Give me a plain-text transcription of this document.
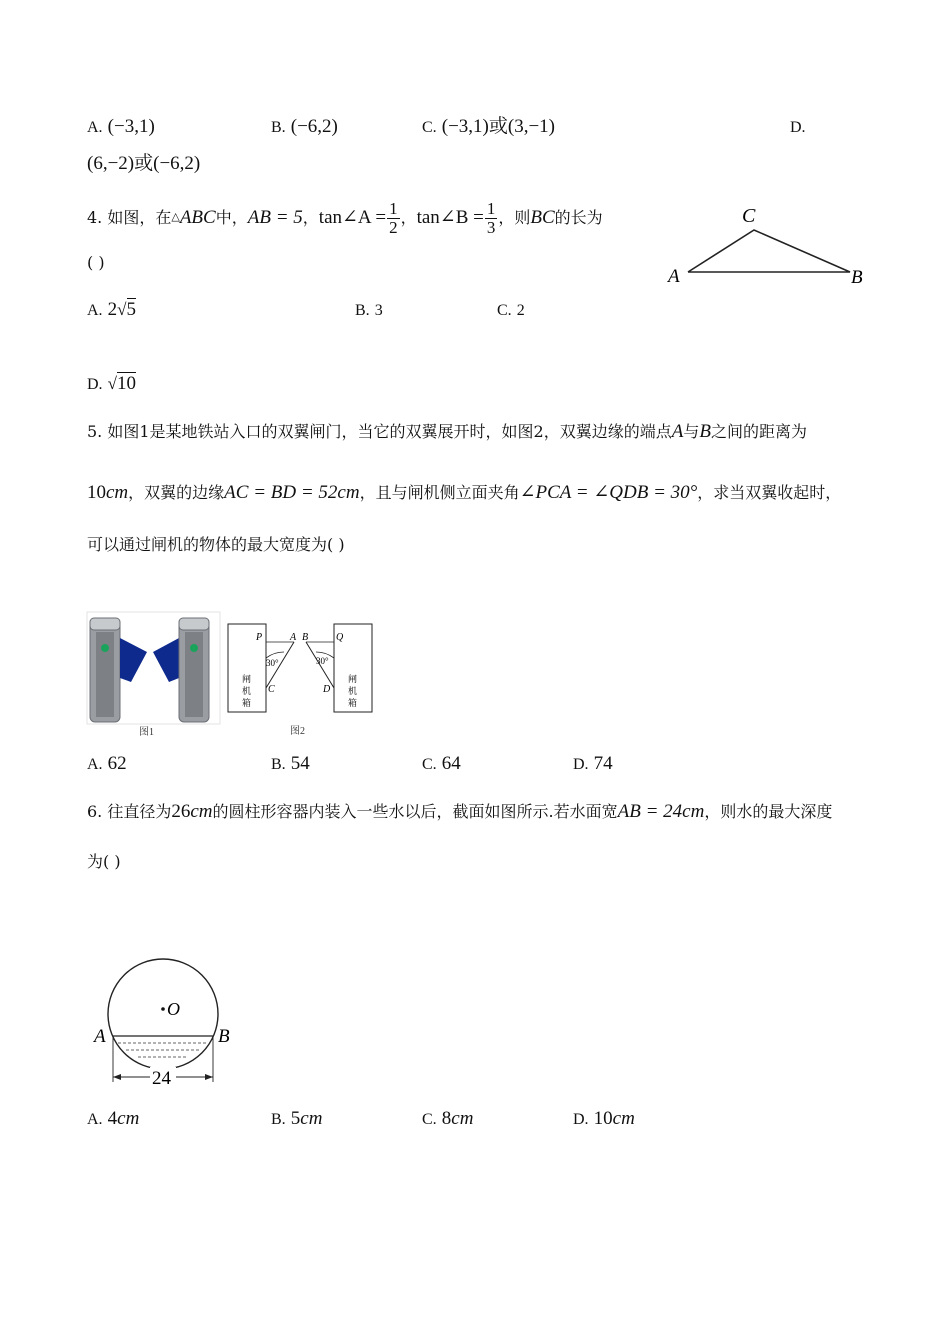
A. (−3,1)	B. (−6,2)	C. (−3,1)或(3,−1)	D.
(6,−2)或(−6,2)
4. 如图，在△ABC中，AB = 5，tan∠A = $\frac{1}{2}$ ，tan∠B = $\frac{1}{3}$ ，则BC的长为
( )
C
A	B
A. 2√5	B. 3	C. 2
D. √10
5. 如图1是某地铁站入口的双翼闸门，当它的双翼展开时，如图2，双翼边缘的端点A与B之间的距离为
10cm，双翼的边缘AC = BD = 52cm，且与闸机侧立面夹角∠PCA = ∠QDB = 30°，求当双翼收起时，
可以通过闸机的物体的最大宽度为( )
图1
P	A B	Q
C	D
30°	30°
闸
机
箱
闸
机
箱
图2
A. 62	B. 54	C. 64	D. 74
6. 往直径为26cm的圆柱形容器内装入一些水以后，截面如图所示.若水面宽AB = 24cm，则水的最大深度
为( )
O
24
A	B
A. 4cm	B. 5cm	C. 8cm	D. 10cm
